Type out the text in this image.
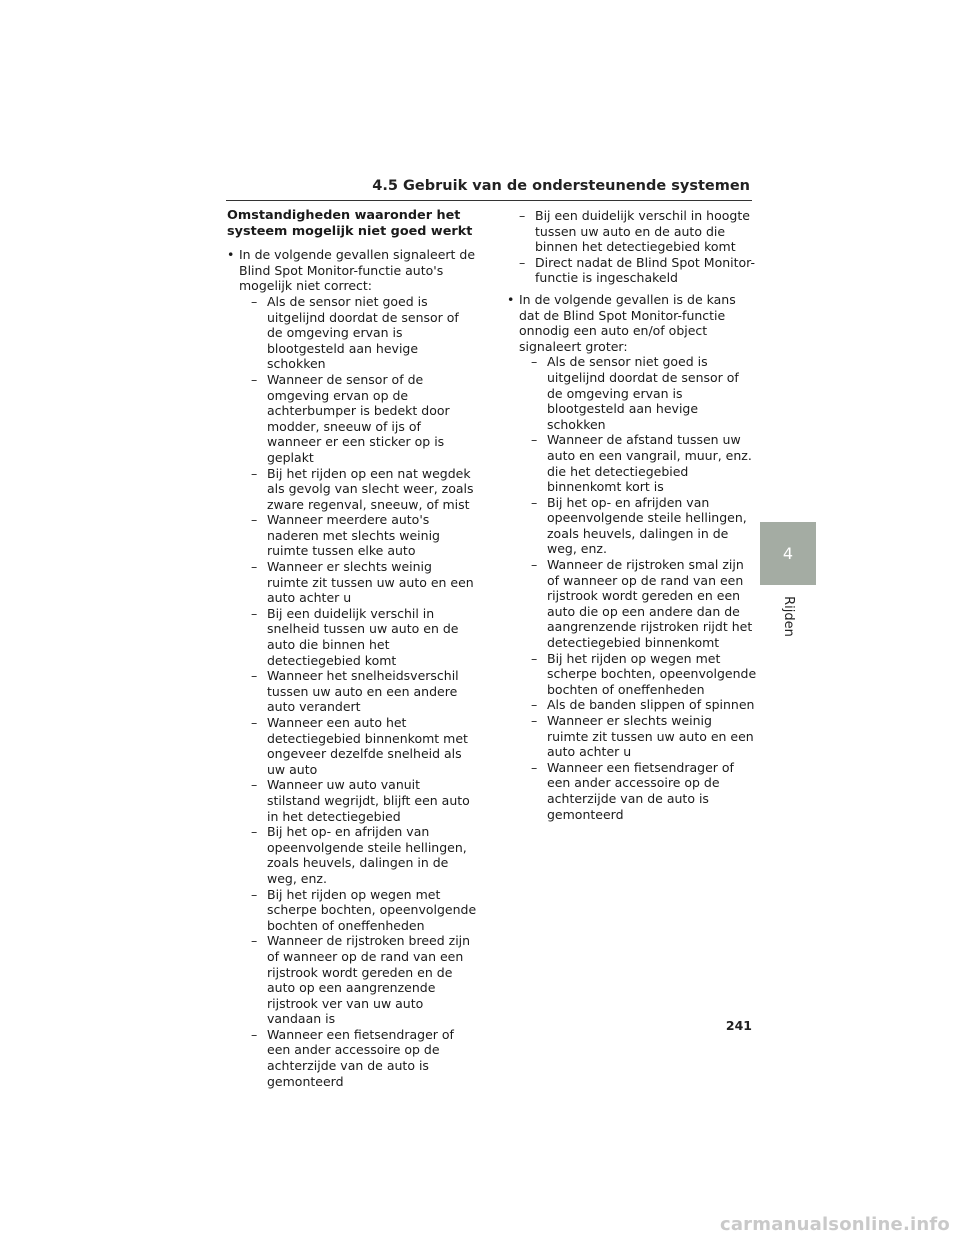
4.5 Gebruik van de ondersteunende systemen
Omstandigheden waaronder het systeem mogelijk niet goed werkt
• In de volgende gevallen signaleert de Blind Spot Monitor-functie auto's mogelijk niet correct:
– Als de sensor niet goed is uitgelijnd doordat de sensor of de omgeving ervan is blootgesteld aan hevige schokken
– Wanneer de sensor of de omgeving ervan op de achterbumper is bedekt door modder, sneeuw of ijs of wanneer er een sticker op is geplakt
– Bij het rijden op een nat wegdek als gevolg van slecht weer, zoals zware regenval, sneeuw, of mist
– Wanneer meerdere auto's naderen met slechts weinig ruimte tussen elke auto
– Wanneer er slechts weinig ruimte zit tussen uw auto en een auto achter u
– Bij een duidelijk verschil in snelheid tussen uw auto en de auto die binnen het detectiegebied komt
– Wanneer het snelheidsverschil tussen uw auto en een andere auto verandert
– Wanneer een auto het detectiegebied binnenkomt met ongeveer dezelfde snelheid als uw auto
– Wanneer uw auto vanuit stilstand wegrijdt, blijft een auto in het detectiegebied
– Bij het op- en afrijden van opeenvolgende steile hellingen, zoals heuvels, dalingen in de weg, enz.
– Bij het rijden op wegen met scherpe bochten, opeenvolgende bochten of oneffenheden
– Wanneer de rijstroken breed zijn of wanneer op de rand van een rijstrook wordt gereden en de auto op een aangrenzende rijstrook ver van uw auto vandaan is
– Wanneer een fietsendrager of een ander accessoire op de achterzijde van de auto is gemonteerd
– Bij een duidelijk verschil in hoogte tussen uw auto en de auto die binnen het detectiegebied komt
– Direct nadat de Blind Spot Monitor-functie is ingeschakeld
• In de volgende gevallen is de kans dat de Blind Spot Monitor-functie onnodig een auto en/of object signaleert groter:
– Als de sensor niet goed is uitgelijnd doordat de sensor of de omgeving ervan is blootgesteld aan hevige schokken
– Wanneer de afstand tussen uw auto en een vangrail, muur, enz. die het detectiegebied binnenkomt kort is
– Bij het op- en afrijden van opeenvolgende steile hellingen, zoals heuvels, dalingen in de weg, enz.
– Wanneer de rijstroken smal zijn of wanneer op de rand van een rijstrook wordt gereden en een auto die op een andere dan de aangrenzende rijstroken rijdt het detectiegebied binnenkomt
– Bij het rijden op wegen met scherpe bochten, opeenvolgende bochten of oneffenheden
– Als de banden slippen of spinnen
– Wanneer er slechts weinig ruimte zit tussen uw auto en een auto achter u
– Wanneer een fietsendrager of een ander accessoire op de achterzijde van de auto is gemonteerd
4
Rijden
241
carmanualsonline.info
